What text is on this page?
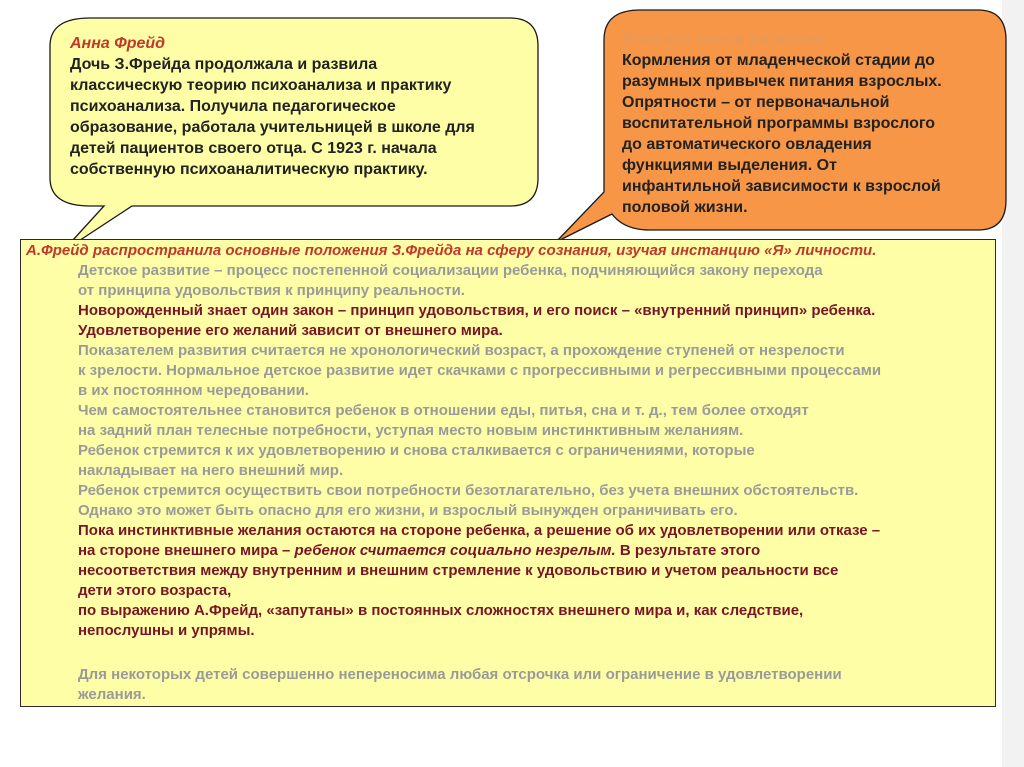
Анна Фрейд
Дочь З.Фрейда продолжала и развила
классическую теорию психоанализа и практику
психоанализа. Получила педагогическое
образование, работала учительницей в школе для
детей пациентов своего отца. С 1923 г. начала
собственную психоаналитическую практику.
Описала линии развития:
Кормления от младенческой стадии до
разумных привычек питания взрослых.
Опрятности – от первоначальной
воспитательной программы взрослого
до автоматического овладения
функциями выделения. От
инфантильной зависимости к взрослой
половой жизни.
А.Фрейд распространила основные положения З.Фрейда на сферу сознания, изучая инстанцию «Я» личности.
Детское развитие – процесс постепенной социализации ребенка, подчиняющийся закону перехода
от принципа удовольствия к принципу реальности.
Новорожденный знает один закон – принцип удовольствия, и его поиск – «внутренний принцип» ребенка.
Удовлетворение его желаний зависит от внешнего мира.
Показателем развития считается не хронологический возраст, а прохождение ступеней от незрелости
к зрелости. Нормальное детское развитие идет скачками с прогрессивными и регрессивными процессами
в их постоянном чередовании.
Чем самостоятельнее становится ребенок в отношении еды, питья, сна и т. д., тем более отходят
на задний план телесные потребности, уступая место новым инстинктивным желаниям.
Ребенок стремится к их удовлетворению и снова сталкивается с ограничениями, которые
накладывает на него внешний мир.
Ребенок стремится осуществить свои потребности безотлагательно, без учета внешних обстоятельств.
Однако это может быть опасно для его жизни, и взрослый вынужден ограничивать его.
Пока инстинктивные желания остаются на стороне ребенка, а решение об их удовлетворении или отказе –
на стороне внешнего мира – ребенок считается социально незрелым. В результате этого
несоответствия между внутренним и внешним стремление к удовольствию и учетом реальности все
дети этого возраста,
по выражению А.Фрейд, «запутаны» в постоянных сложностях внешнего мира и, как следствие,
непослушны и упрямы.
Для некоторых детей совершенно непереносима любая отсрочка или ограничение в удовлетворении
желания.
